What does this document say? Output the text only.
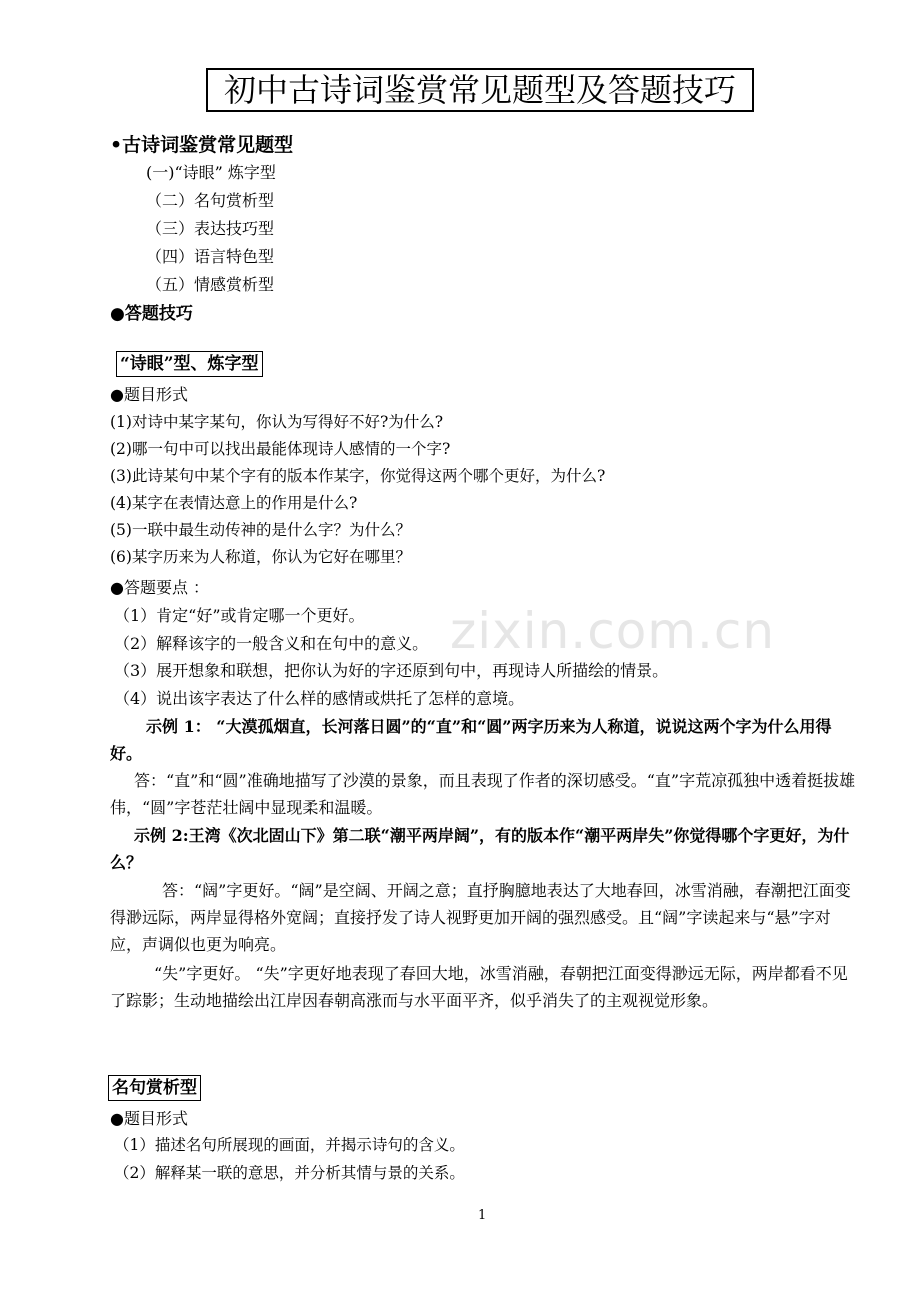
zixin.com.cn
初中古诗词鉴赏常见题型及答题技巧
•古诗词鉴赏常见题型
(一)“诗眼” 炼字型
（二）名句赏析型
（三）表达技巧型
（四）语言特色型
（五）情感赏析型
●答题技巧
“诗眼”型、炼字型
●题目形式
(1)对诗中某字某句，你认为写得好不好?为什么?
(2)哪一句中可以找出最能体现诗人感情的一个字?
(3)此诗某句中某个字有的版本作某字，你觉得这两个哪个更好，为什么?
(4)某字在表情达意上的作用是什么?
(5)一联中最生动传神的是什么字？为什么？
(6)某字历来为人称道，你认为它好在哪里？
●答题要点 ：
（1）肯定“好”或肯定哪一个更好。
（2）解释该字的一般含义和在句中的意义。
（3）展开想象和联想，把你认为好的字还原到句中，再现诗人所描绘的情景。
（4）说出该字表达了什么样的感情或烘托了怎样的意境。
示例 1： “大漠孤烟直，长河落日圆”的“直”和“圆”两字历来为人称道，说说这两个字为什么用得好。
答：“直”和“圆”准确地描写了沙漠的景象，而且表现了作者的深切感受。“直”字荒凉孤独中透着挺拔雄伟，“圆”字苍茫壮阔中显现柔和温暖。
示例 2:王湾《次北固山下》第二联“潮平两岸阔”，有的版本作“潮平两岸失”你觉得哪个字更好，为什么？
答：“阔”字更好。“阔”是空阔、开阔之意；直抒胸臆地表达了大地春回，冰雪消融，春潮把江面变得渺远际，两岸显得格外宽阔；直接抒发了诗人视野更加开阔的强烈感受。且“阔”字读起来与“悬”字对应，声调似也更为响亮。
“失”字更好。 “失”字更好地表现了春回大地，冰雪消融，春朝把江面变得渺远无际，两岸都看不见了踪影；生动地描绘出江岸因春朝高涨而与水平面平齐，似乎消失了的主观视觉形象。
名句赏析型
●题目形式
（1）描述名句所展现的画面，并揭示诗句的含义。
（2）解释某一联的意思，并分析其情与景的关系。
1
